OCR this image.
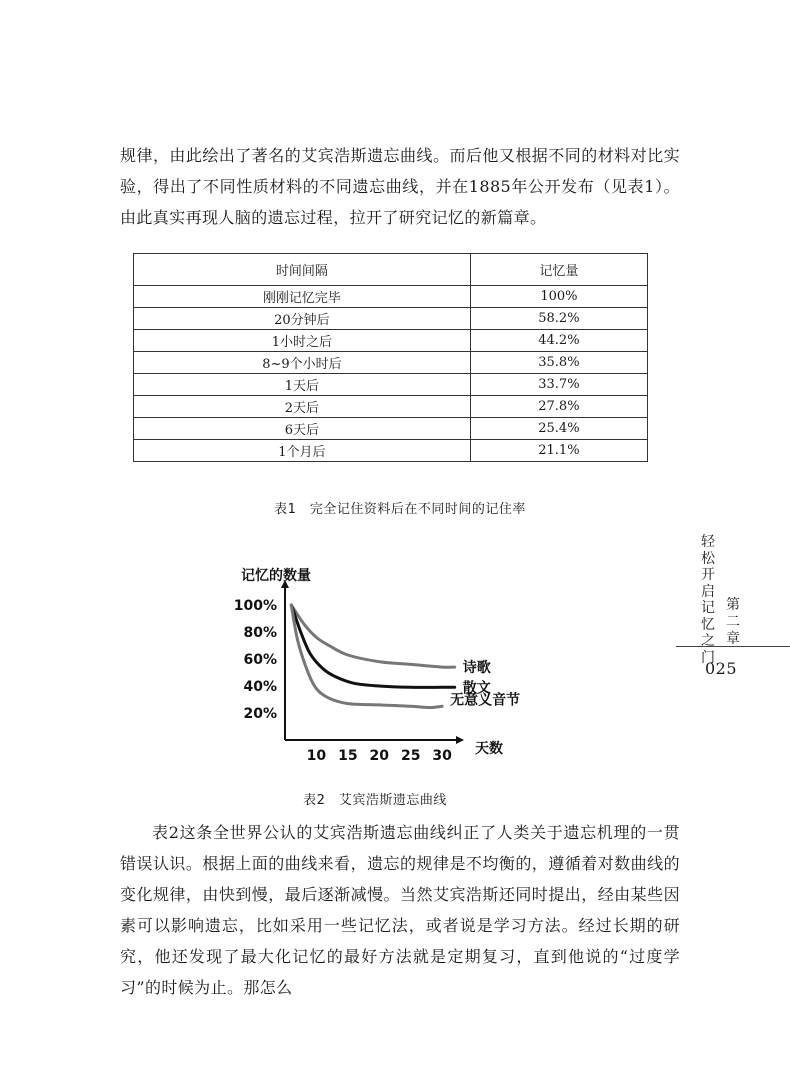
规律，由此绘出了著名的艾宾浩斯遗忘曲线。而后他又根据不同的材料对比实验，得出了不同性质材料的不同遗忘曲线，并在1885年公开发布（见表1）。由此真实再现人脑的遗忘过程，拉开了研究记忆的新篇章。

时间间隔	记忆量
刚刚记忆完毕	100%
20分钟后	58.2%
1小时之后	44.2%
8~9个小时后	35.8%
1天后	33.7%
2天后	27.8%
6天后	25.4%
1个月后	21.1%
表1　完全记住资料后在不同时间的记住率
记忆的数量
天数
100%
80%
60%
40%
20%
10 15 20 25 30
诗歌
散文
无意义音节
表2　艾宾浩斯遗忘曲线

表2这条全世界公认的艾宾浩斯遗忘曲线纠正了人类关于遗忘机理的一贯错误认识。根据上面的曲线来看，遗忘的规律是不均衡的，遵循着对数曲线的变化规律，由快到慢，最后逐渐减慢。当然艾宾浩斯还同时提出，经由某些因素可以影响遗忘，比如采用一些记忆法，或者说是学习方法。经过长期的研究，他还发现了最大化记忆的最好方法就是定期复习，直到他说的“过度学习”的时候为止。那怎么

轻松开启记忆之门
第二章
025
